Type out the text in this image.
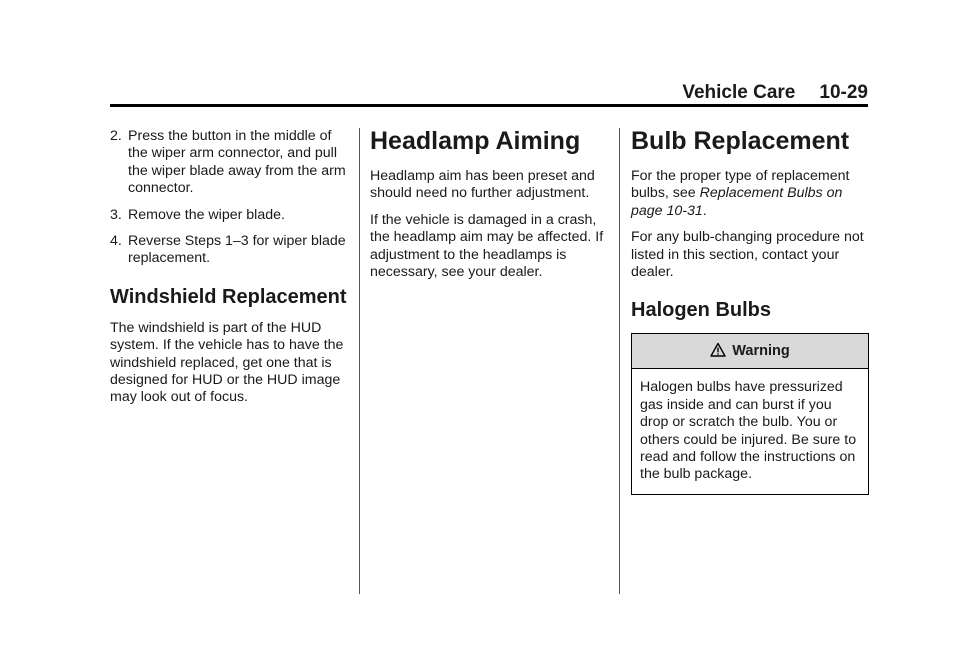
Vehicle Care 10-29
2. Press the button in the middle of the wiper arm connector, and pull the wiper blade away from the arm connector.
3. Remove the wiper blade.
4. Reverse Steps 1–3 for wiper blade replacement.
Windshield Replacement

The windshield is part of the HUD system. If the vehicle has to have the windshield replaced, get one that is designed for HUD or the HUD image may look out of focus.

Headlamp Aiming

Headlamp aim has been preset and should need no further adjustment.

If the vehicle is damaged in a crash, the headlamp aim may be affected. If adjustment to the headlamps is necessary, see your dealer.

Bulb Replacement

For the proper type of replacement bulbs, see Replacement Bulbs on page 10-31.

For any bulb-changing procedure not listed in this section, contact your dealer.

Halogen Bulbs
Warning
Halogen bulbs have pressurized gas inside and can burst if you drop or scratch the bulb. You or others could be injured. Be sure to read and follow the instructions on the bulb package.
